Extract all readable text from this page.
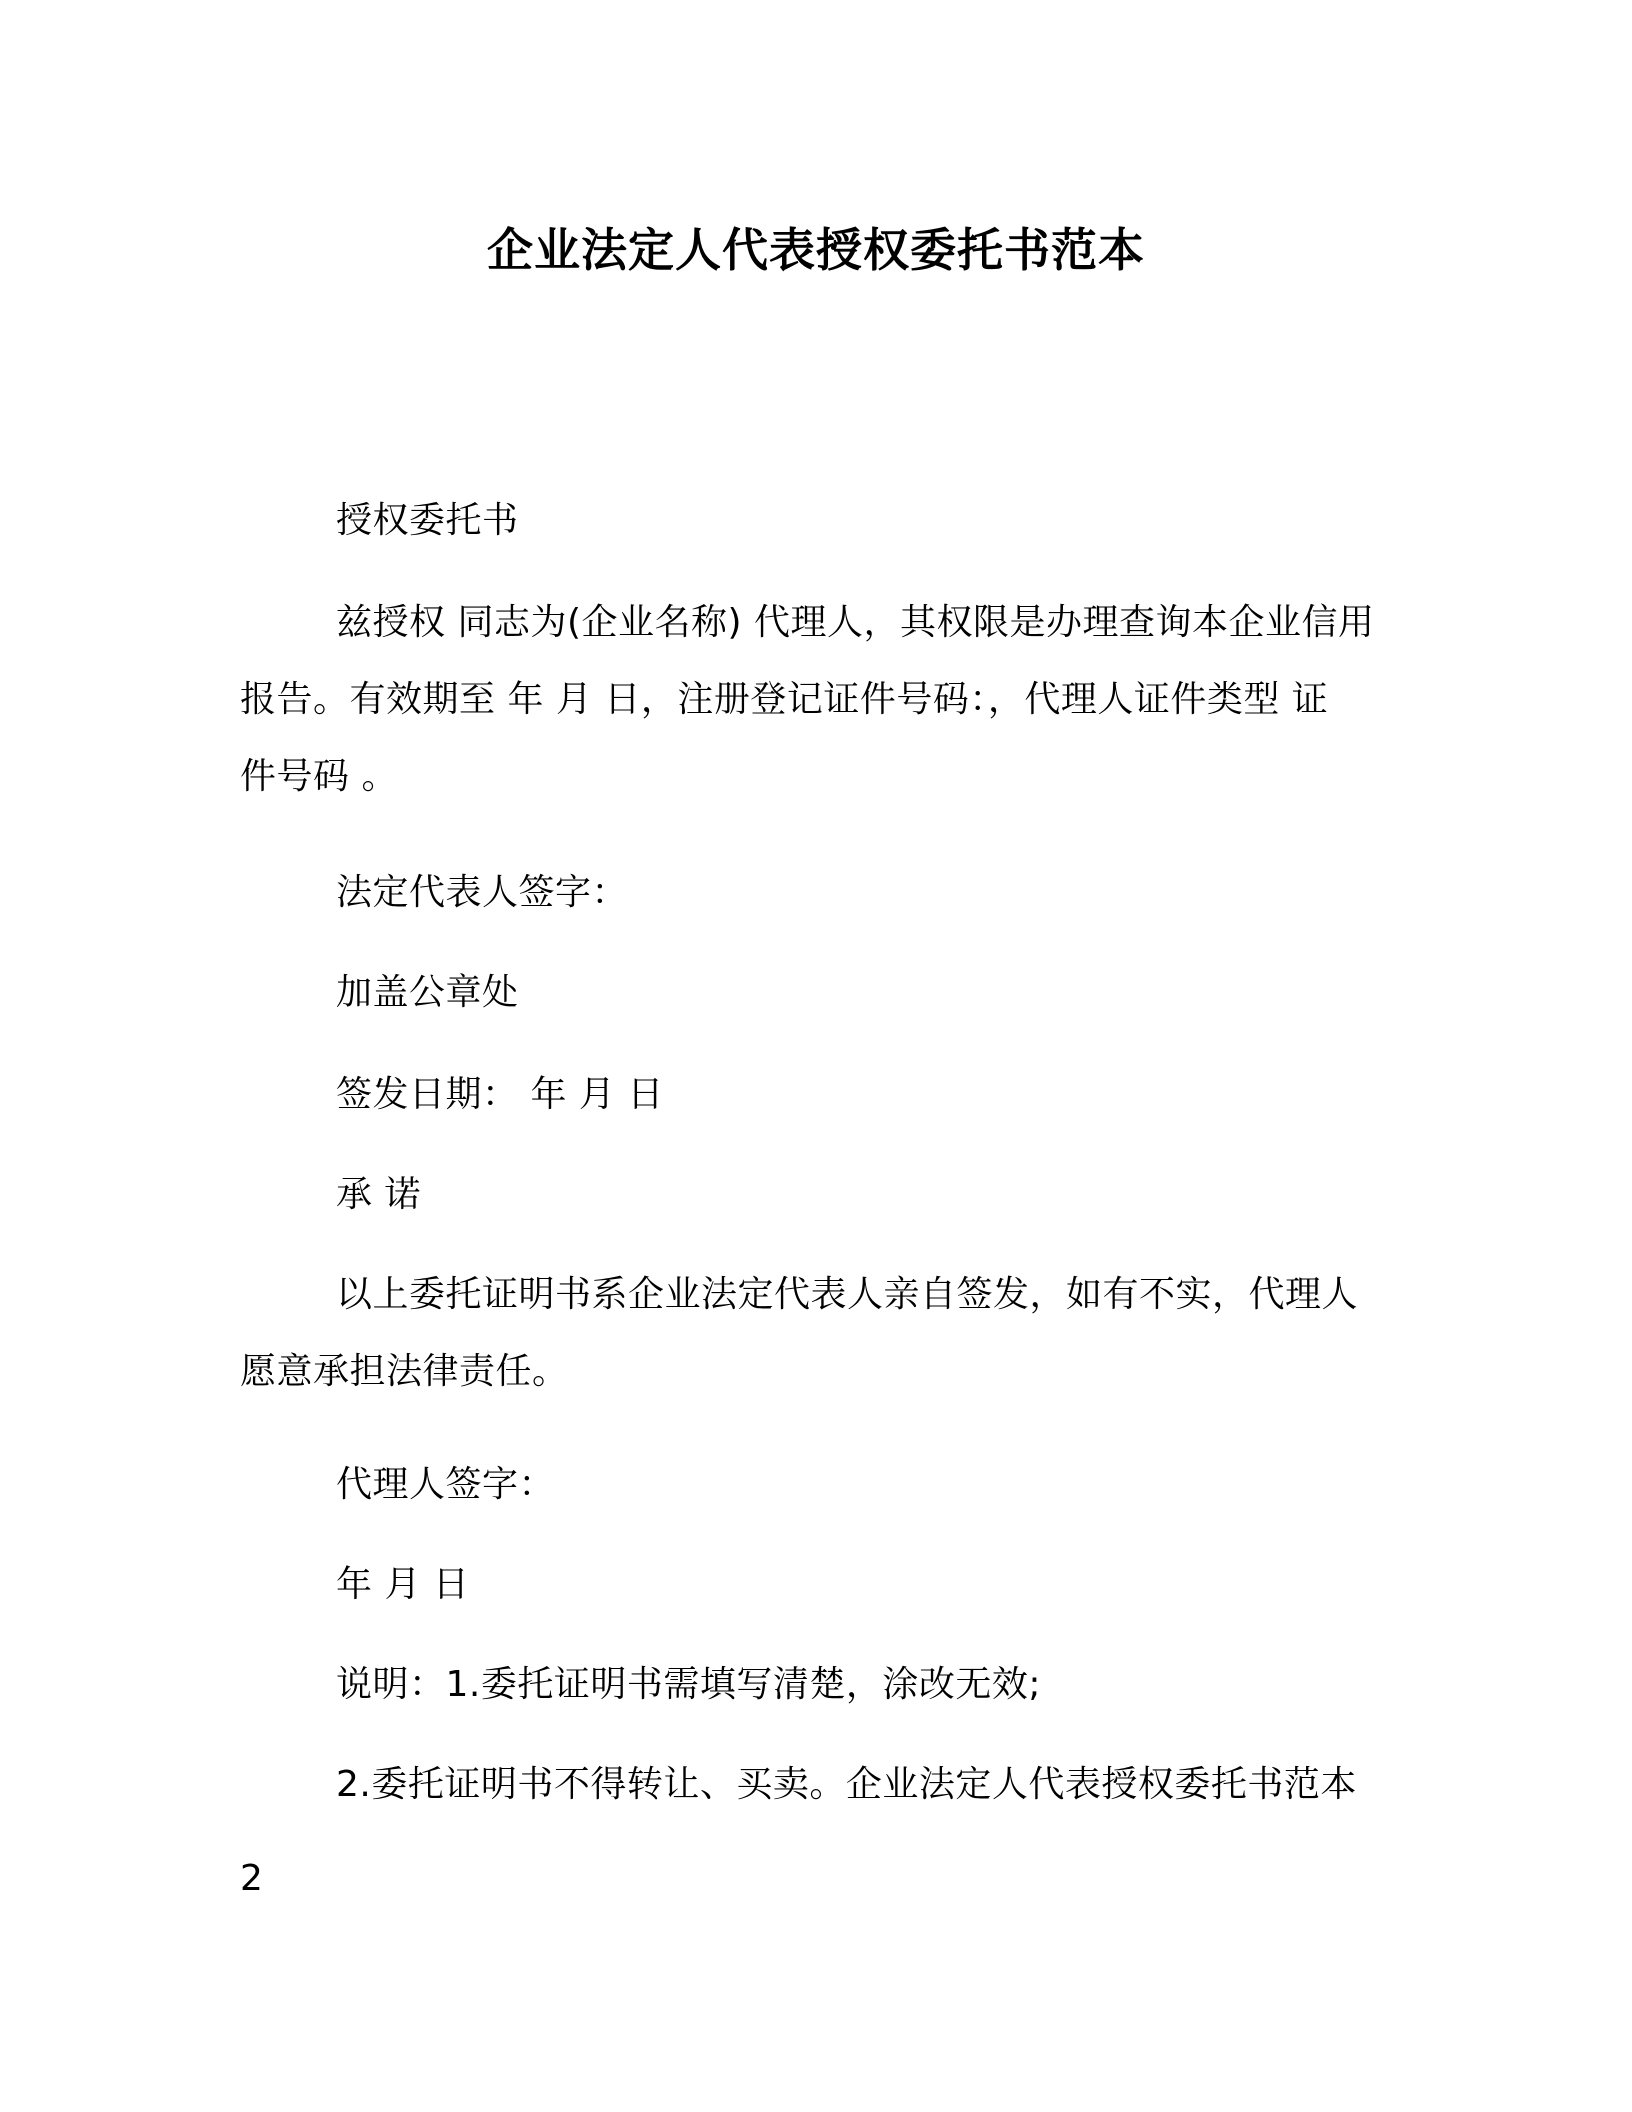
企业法定人代表授权委托书范本
授权委托书
兹授权 同志为(企业名称) 代理人，其权限是办理查询本企业信用
报告。有效期至 年 月 日，注册登记证件号码：，代理人证件类型 证
件号码 。
法定代表人签字：
加盖公章处
签发日期： 年 月 日
承 诺
以上委托证明书系企业法定代表人亲自签发，如有不实，代理人
愿意承担法律责任。
代理人签字：
年 月 日
说明：1.委托证明书需填写清楚，涂改无效;
2.委托证明书不得转让、买卖。企业法定人代表授权委托书范本
2
